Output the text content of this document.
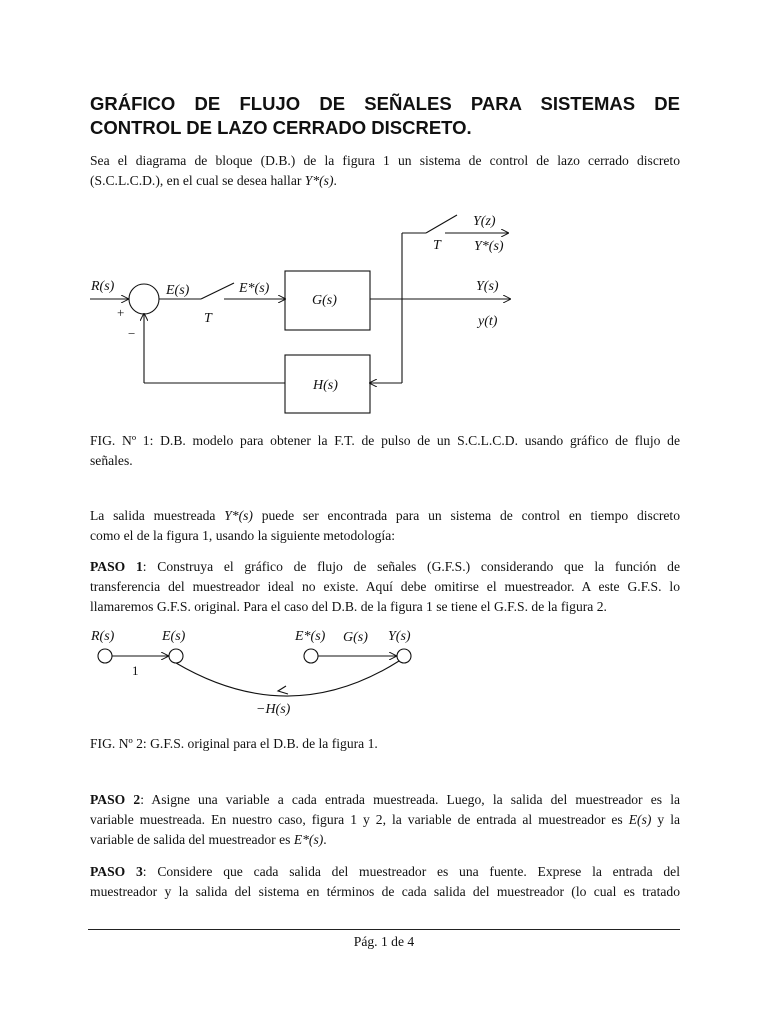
GRÁFICO DE FLUJO DE SEÑALES PARA SISTEMAS DE
CONTROL DE LAZO CERRADO DISCRETO.
Sea el diagrama de bloque (D.B.) de la figura 1 un sistema de control de lazo cerrado discreto
(S.C.L.C.D.), en el cual se desea hallar Y*(s).
R(s)	E(s)	E*(s)
T
G(s)
H(s)
Y(z)
Y*(s)
T
Y(s)
y(t)
+
−
FIG. Nº 1: D.B. modelo para obtener la F.T. de pulso de un S.C.L.C.D. usando gráfico de flujo de
señales.
La salida muestreada Y*(s) puede ser encontrada para un sistema de control en tiempo discreto
como el de la figura 1, usando la siguiente metodología:
PASO 1: Construya el gráfico de flujo de señales (G.F.S.) considerando que la función de
transferencia del muestreador ideal no existe. Aquí debe omitirse el muestreador. A este G.F.S. lo
llamaremos G.F.S. original. Para el caso del D.B. de la figura 1 se tiene el G.F.S. de la figura 2.
R(s)	E(s)	E*(s) G(s) Y(s)
−H(s)
1
FIG. Nº 2: G.F.S. original para el D.B. de la figura 1.
PASO 2: Asigne una variable a cada entrada muestreada. Luego, la salida del muestreador es la
variable muestreada. En nuestro caso, figura 1 y 2, la variable de entrada al muestreador es E(s) y la
variable de salida del muestreador es E*(s).
PASO 3: Considere que cada salida del muestreador es una fuente. Exprese la entrada del
muestreador y la salida del sistema en términos de cada salida del muestreador (lo cual es tratado
Pág. 1 de 4
